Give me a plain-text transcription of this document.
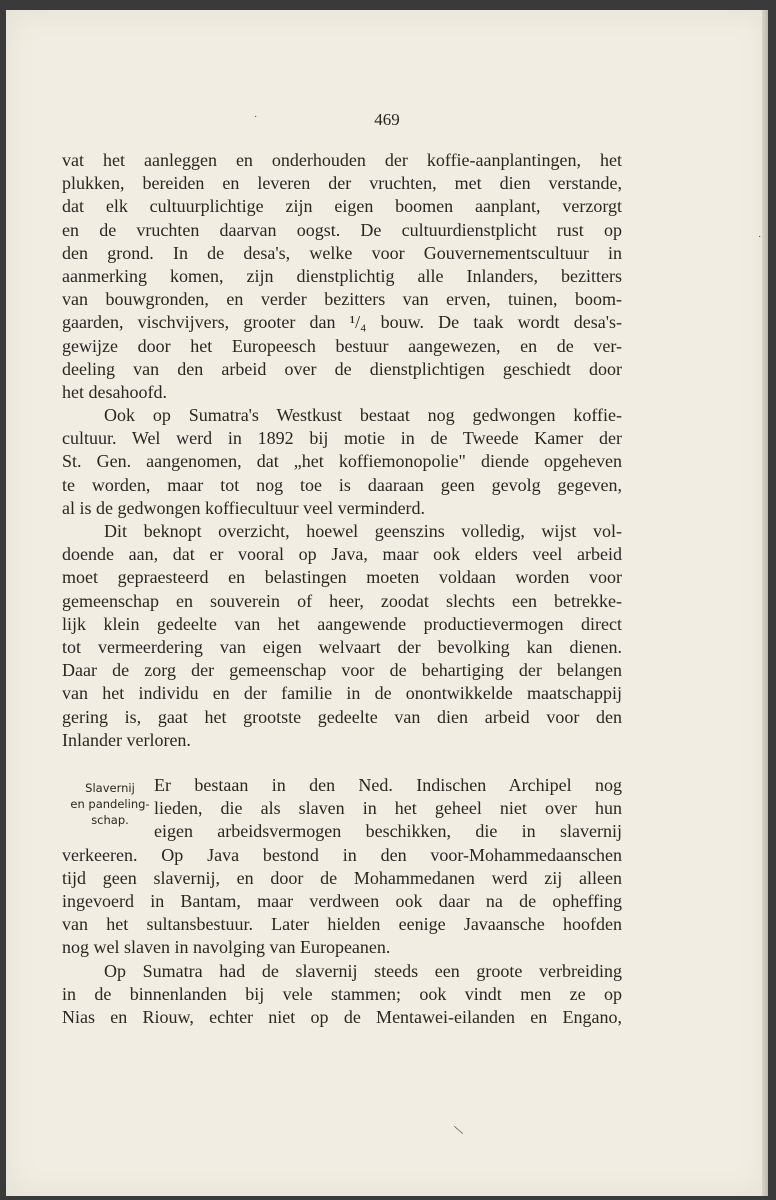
·
·
\
469
vat het aanleggen en onderhouden der koffie-aanplantingen, het
plukken, bereiden en leveren der vruchten, met dien verstande,
dat elk cultuurplichtige zijn eigen boomen aanplant, verzorgt
en de vruchten daarvan oogst. De cultuurdienstplicht rust op
den grond. In de desa's, welke voor Gouvernementscultuur in
aanmerking komen, zijn dienstplichtig alle Inlanders, bezitters
van bouwgronden, en verder bezitters van erven, tuinen, boom-
gaarden, vischvijvers, grooter dan ¹/₄ bouw. De taak wordt desa's-
gewijze door het Europeesch bestuur aangewezen, en de ver-
deeling van den arbeid over de dienstplichtigen geschiedt door
het desahoofd.
Ook op Sumatra's Westkust bestaat nog gedwongen koffie-
cultuur. Wel werd in 1892 bij motie in de Tweede Kamer der
St. Gen. aangenomen, dat „het koffiemonopolie" diende opgeheven
te worden, maar tot nog toe is daaraan geen gevolg gegeven,
al is de gedwongen koffiecultuur veel verminderd.
Dit beknopt overzicht, hoewel geenszins volledig, wijst vol-
doende aan, dat er vooral op Java, maar ook elders veel arbeid
moet gepraesteerd en belastingen moeten voldaan worden voor
gemeenschap en souverein of heer, zoodat slechts een betrekke-
lijk klein gedeelte van het aangewende productievermogen direct
tot vermeerdering van eigen welvaart der bevolking kan dienen.
Daar de zorg der gemeenschap voor de behartiging der belangen
van het individu en der familie in de onontwikkelde maatschappij
gering is, gaat het grootste gedeelte van dien arbeid voor den
Inlander verloren.
Slavernij
en pandeling-
schap.
Er bestaan in den Ned. Indischen Archipel nog
lieden, die als slaven in het geheel niet over hun
eigen arbeidsvermogen beschikken, die in slavernij
verkeeren. Op Java bestond in den voor-Mohammedaanschen
tijd geen slavernij, en door de Mohammedanen werd zij alleen
ingevoerd in Bantam, maar verdween ook daar na de opheffing
van het sultansbestuur. Later hielden eenige Javaansche hoofden
nog wel slaven in navolging van Europeanen.
Op Sumatra had de slavernij steeds een groote verbreiding
in de binnenlanden bij vele stammen; ook vindt men ze op
Nias en Riouw, echter niet op de Mentawei-eilanden en Engano,
